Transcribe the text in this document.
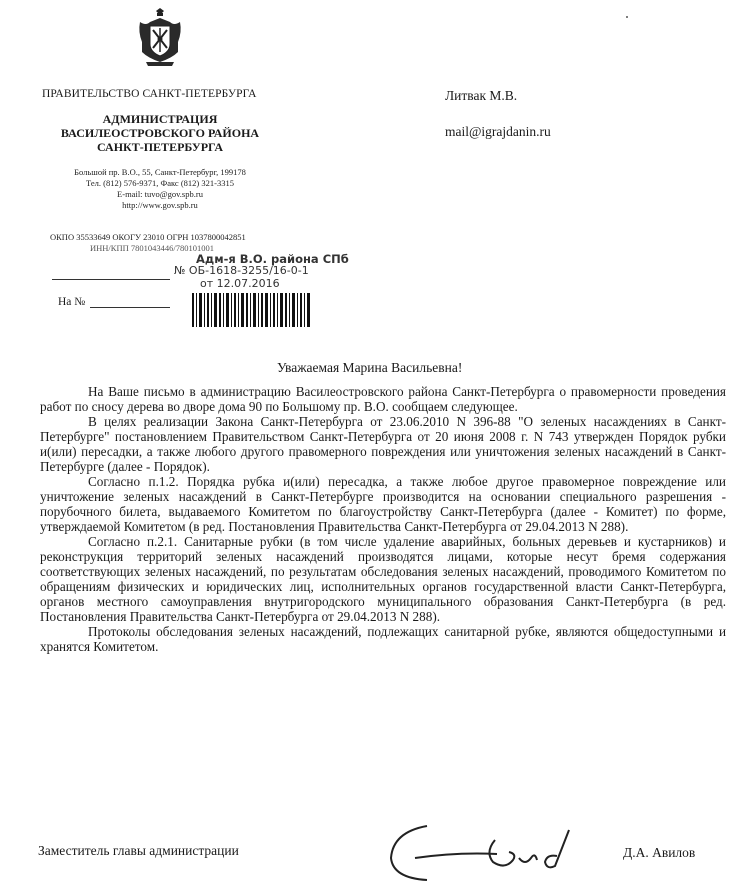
ПРАВИТЕЛЬСТВО САНКТ-ПЕТЕРБУРГА
АДМИНИСТРАЦИЯ
ВАСИЛЕОСТРОВСКОГО РАЙОНА
САНКТ-ПЕТЕРБУРГА
Большой пр. В.О., 55, Санкт-Петербург, 199178
Тел. (812) 576-9371, Факс (812) 321-3315
E-mail: tuvo@gov.spb.ru
http://www.gov.spb.ru
ОКПО 35533649 ОКОГУ 23010 ОГРН 1037800042851
ИНН/КПП 7801043446/780101001
Литвак М.В.
mail@igrajdanin.ru
Адм-я В.О. района СПб
№ ОБ-1618-3255/16-0-1
от 12.07.2016
На №
Уважаемая Марина Васильевна!

На Ваше письмо в администрацию Василеостровского района Санкт-Петербурга о правомерности проведения работ по сносу дерева во дворе дома 90 по Большому пр. В.О. сообщаем следующее.

В целях реализации Закона Санкт-Петербурга от 23.06.2010 N 396-88 "О зеленых насаждениях в Санкт-Петербурге" постановлением Правительством Санкт-Петербурга от 20 июня 2008 г. N 743 утвержден Порядок рубки и(или) пересадки, а также любого другого правомерного повреждения или уничтожения зеленых насаждений в Санкт-Петербурге (далее - Порядок).

Согласно п.1.2. Порядка рубка и(или) пересадка, а также любое другое правомерное повреждение или уничтожение зеленых насаждений в Санкт-Петербурге производится на основании специального разрешения - порубочного билета, выдаваемого Комитетом по благоустройству Санкт-Петербурга (далее - Комитет) по форме, утверждаемой Комитетом (в ред. Постановления Правительства Санкт-Петербурга от 29.04.2013 N 288).

Согласно п.2.1. Санитарные рубки (в том числе удаление аварийных, больных деревьев и кустарников) и реконструкция территорий зеленых насаждений производятся лицами, которые несут бремя содержания соответствующих зеленых насаждений, по результатам обследования зеленых насаждений, проводимого Комитетом по обращениям физических и юридических лиц, исполнительных органов государственной власти Санкт-Петербурга, органов местного самоуправления внутригородского муниципального образования Санкт-Петербурга (в ред. Постановления Правительства Санкт-Петербурга от 29.04.2013 N 288).

Протоколы обследования зеленых насаждений, подлежащих санитарной рубке, являются общедоступными и хранятся Комитетом.

Заместитель главы администрации	Д.А. Авилов
